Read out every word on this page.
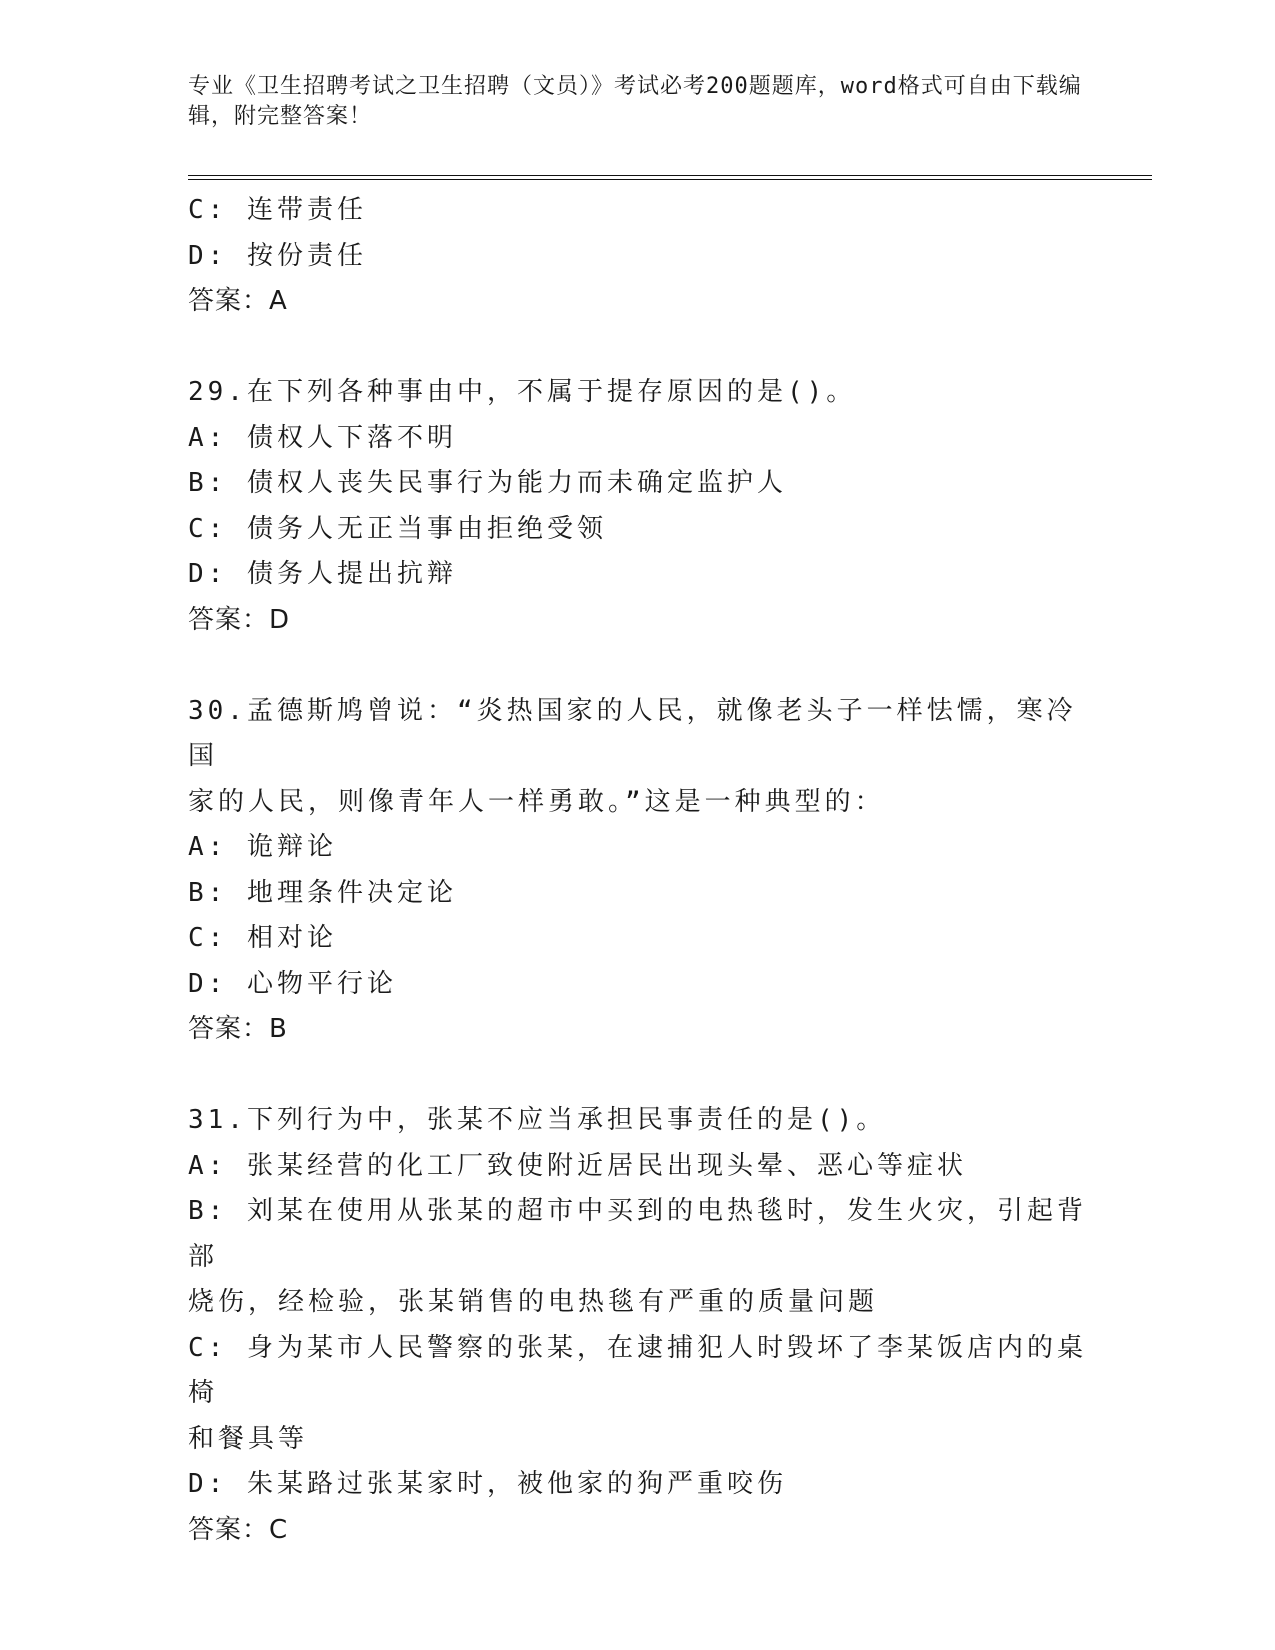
专业《卫生招聘考试之卫生招聘（文员）》考试必考200题题库，word格式可自由下载编辑，附完整答案！

C: 连带责任

D: 按份责任

答案：A

29.在下列各种事由中，不属于提存原因的是()。

A: 债权人下落不明

B: 债权人丧失民事行为能力而未确定监护人

C: 债务人无正当事由拒绝受领

D: 债务人提出抗辩

答案：D

30.孟德斯鸠曾说：“炎热国家的人民，就像老头子一样怯懦，寒冷国

家的人民，则像青年人一样勇敢。”这是一种典型的：

A: 诡辩论

B: 地理条件决定论

C: 相对论

D: 心物平行论

答案：B

31.下列行为中，张某不应当承担民事责任的是()。

A: 张某经营的化工厂致使附近居民出现头晕、恶心等症状

B: 刘某在使用从张某的超市中买到的电热毯时，发生火灾，引起背部

烧伤，经检验，张某销售的电热毯有严重的质量问题

C: 身为某市人民警察的张某，在逮捕犯人时毁坏了李某饭店内的桌椅

和餐具等

D: 朱某路过张某家时，被他家的狗严重咬伤

答案：C
